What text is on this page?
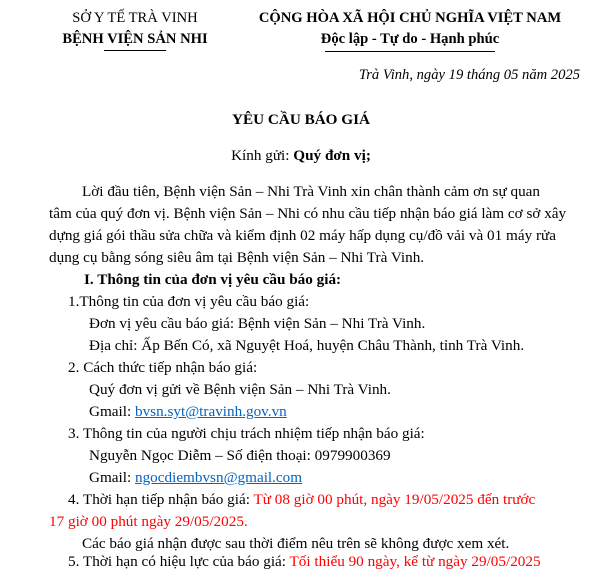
SỞ Y TẾ TRÀ VINH
BỆNH VIỆN SẢN NHI
CỘNG HÒA XÃ HỘI CHỦ NGHĨA VIỆT NAM
Độc lập - Tự do - Hạnh phúc
Trà Vinh, ngày 19 tháng 05 năm 2025
YÊU CẦU BÁO GIÁ
Kính gửi: Quý đơn vị;
Lời đầu tiên, Bệnh viện Sản – Nhi Trà Vinh xin chân thành cảm ơn sự quan
tâm của quý đơn vị. Bệnh viện Sản – Nhi có nhu cầu tiếp nhận báo giá làm cơ sở xây
dựng giá gói thầu sửa chữa và kiểm định 02 máy hấp dụng cụ/đồ vải và 01 máy rửa
dụng cụ bằng sóng siêu âm tại Bệnh viện Sản – Nhi Trà Vinh.
I. Thông tin của đơn vị yêu cầu báo giá:
1.Thông tin của đơn vị yêu cầu báo giá:
Đơn vị yêu cầu báo giá: Bệnh viện Sản – Nhi Trà Vinh.
Địa chỉ: Ấp Bến Có, xã Nguyệt Hoá, huyện Châu Thành, tỉnh Trà Vinh.
2. Cách thức tiếp nhận báo giá:
Quý đơn vị gửi về Bệnh viện Sản – Nhi Trà Vinh.
Gmail: bvsn.syt@travinh.gov.vn
3. Thông tin của người chịu trách nhiệm tiếp nhận báo giá:
Nguyễn Ngọc Diễm – Số điện thoại: 0979900369
Gmail: ngocdiembvsn@gmail.com
4. Thời hạn tiếp nhận báo giá: Từ 08 giờ 00 phút, ngày 19/05/2025 đến trước
17 giờ 00 phút ngày 29/05/2025.
Các báo giá nhận được sau thời điểm nêu trên sẽ không được xem xét.
5. Thời hạn có hiệu lực của báo giá: Tối thiểu 90 ngày, kể từ ngày 29/05/2025
